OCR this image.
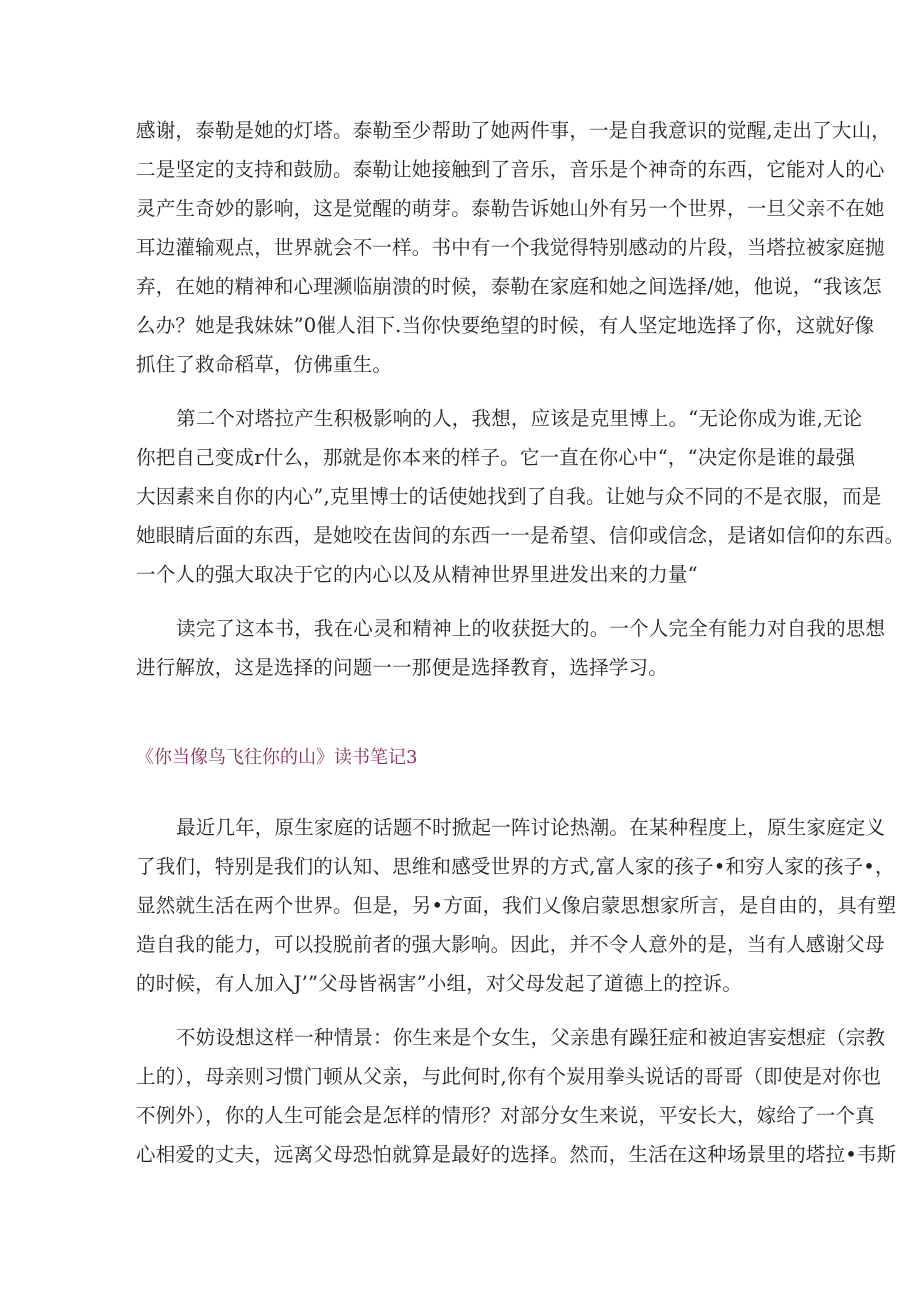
感谢，泰勒是她的灯塔。泰勒至少帮助了她两件事，一是自我意识的觉醒,走出了大山，
二是坚定的支持和鼓励。泰勒让她接触到了音乐，音乐是个神奇的东西，它能对人的心
灵产生奇妙的影响，这是觉醒的萌芽。泰勒告诉她山外有另一个世界，一旦父亲不在她
耳边灌输观点，世界就会不一样。书中有一个我觉得特别感动的片段，当塔拉被家庭抛
弃，在她的精神和心理濒临崩溃的时候，泰勒在家庭和她之间选择/她，他说，“我该怎
么办？她是我妹妹”0催人泪下.当你快要绝望的时候，有人坚定地选择了你，这就好像
抓住了救命稻草，仿佛重生。
第二个对塔拉产生积极影响的人，我想，应该是克里博上。“无论你成为谁,无论
你把自己变成r什么，那就是你本来的样子。它一直在你心中“，“决定你是谁的最强
大因素来自你的内心”,克里博士的话使她找到了自我。让她与众不同的不是衣服，而是
她眼睛后面的东西，是她咬在齿间的东西一一是希望、信仰或信念，是诸如信仰的东西。
一个人的强大取决于它的内心以及从精神世界里进发出来的力量“
读完了这本书，我在心灵和精神上的收获挺大的。一个人完全有能力对自我的思想
进行解放，这是选择的问题一一那便是选择教育，选择学习。
《你当像鸟飞往你的山》读书笔记3
最近几年，原生家庭的话题不时掀起一阵讨论热潮。在某种程度上，原生家庭定义
了我们，特别是我们的认知、思维和感受世界的方式,富人家的孩子•和穷人家的孩子•，
显然就生活在两个世界。但是，另•方面，我们乂像启蒙思想家所言，是自由的，具有塑
造自我的能力，可以投脱前者的强大影响。因此，并不令人意外的是，当有人感谢父母
的时候，有人加入J’”父母皆祸害”小组，对父母发起了道德上的控诉。
不妨设想这样一种情景：你生来是个女生，父亲患有躁狂症和被迫害妄想症（宗教
上的），母亲则习惯门顿从父亲，与此何时,你有个炭用拳头说话的哥哥（即使是对你也
不例外），你的人生可能会是怎样的情形？对部分女生来说，平安长大，嫁给了一个真
心相爱的丈夫，远离父母恐怕就算是最好的选择。然而，生活在这种场景里的塔拉•韦斯
